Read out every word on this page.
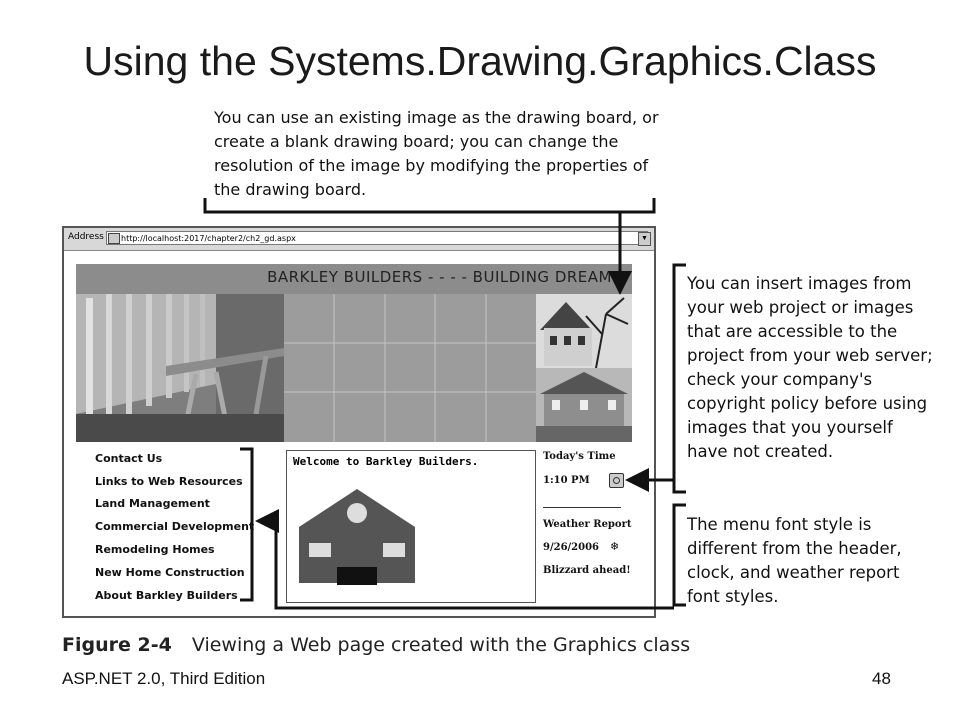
Using the Systems.Drawing.Graphics.Class
You can use an existing image as the drawing board, or create a blank drawing board; you can change the resolution of the image by modifying the properties of the drawing board.
You can insert images from your web project or images that are accessible to the project from your web server; check your company's copyright policy before using images that you yourself have not created.
The menu font style is different from the header, clock, and weather report font styles.
Address	http://localhost:2017/chapter2/ch2_gd.aspx	▼
BARKLEY BUILDERS - - - - BUILDING DREAMS
Contact Us
Links to Web Resources
Land Management
Commercial Development
Remodeling Homes
New Home Construction
About Barkley Builders
Welcome to Barkley Builders.	Today's Time
1:10 PM
Weather Report
9/26/2006 ❄
Blizzard ahead!
Figure 2-4 Viewing a Web page created with the Graphics class
ASP.NET 2.0, Third Edition	48
